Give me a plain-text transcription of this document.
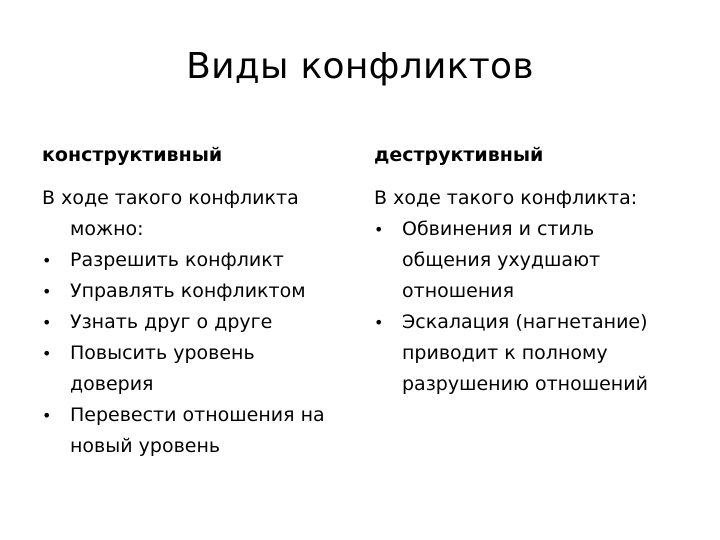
Виды конфликтов
конструктивный

В ходе такого конфликта можно:

• Разрешить конфликт
• Управлять конфликтом
• Узнать друг о друге
• Повысить уровень доверия
• Перевести отношения на новый уровень
деструктивный

В ходе такого конфликта:

• Обвинения и стиль общения ухудшают отношения
• Эскалация (нагнетание) приводит к полному разрушению отношений
